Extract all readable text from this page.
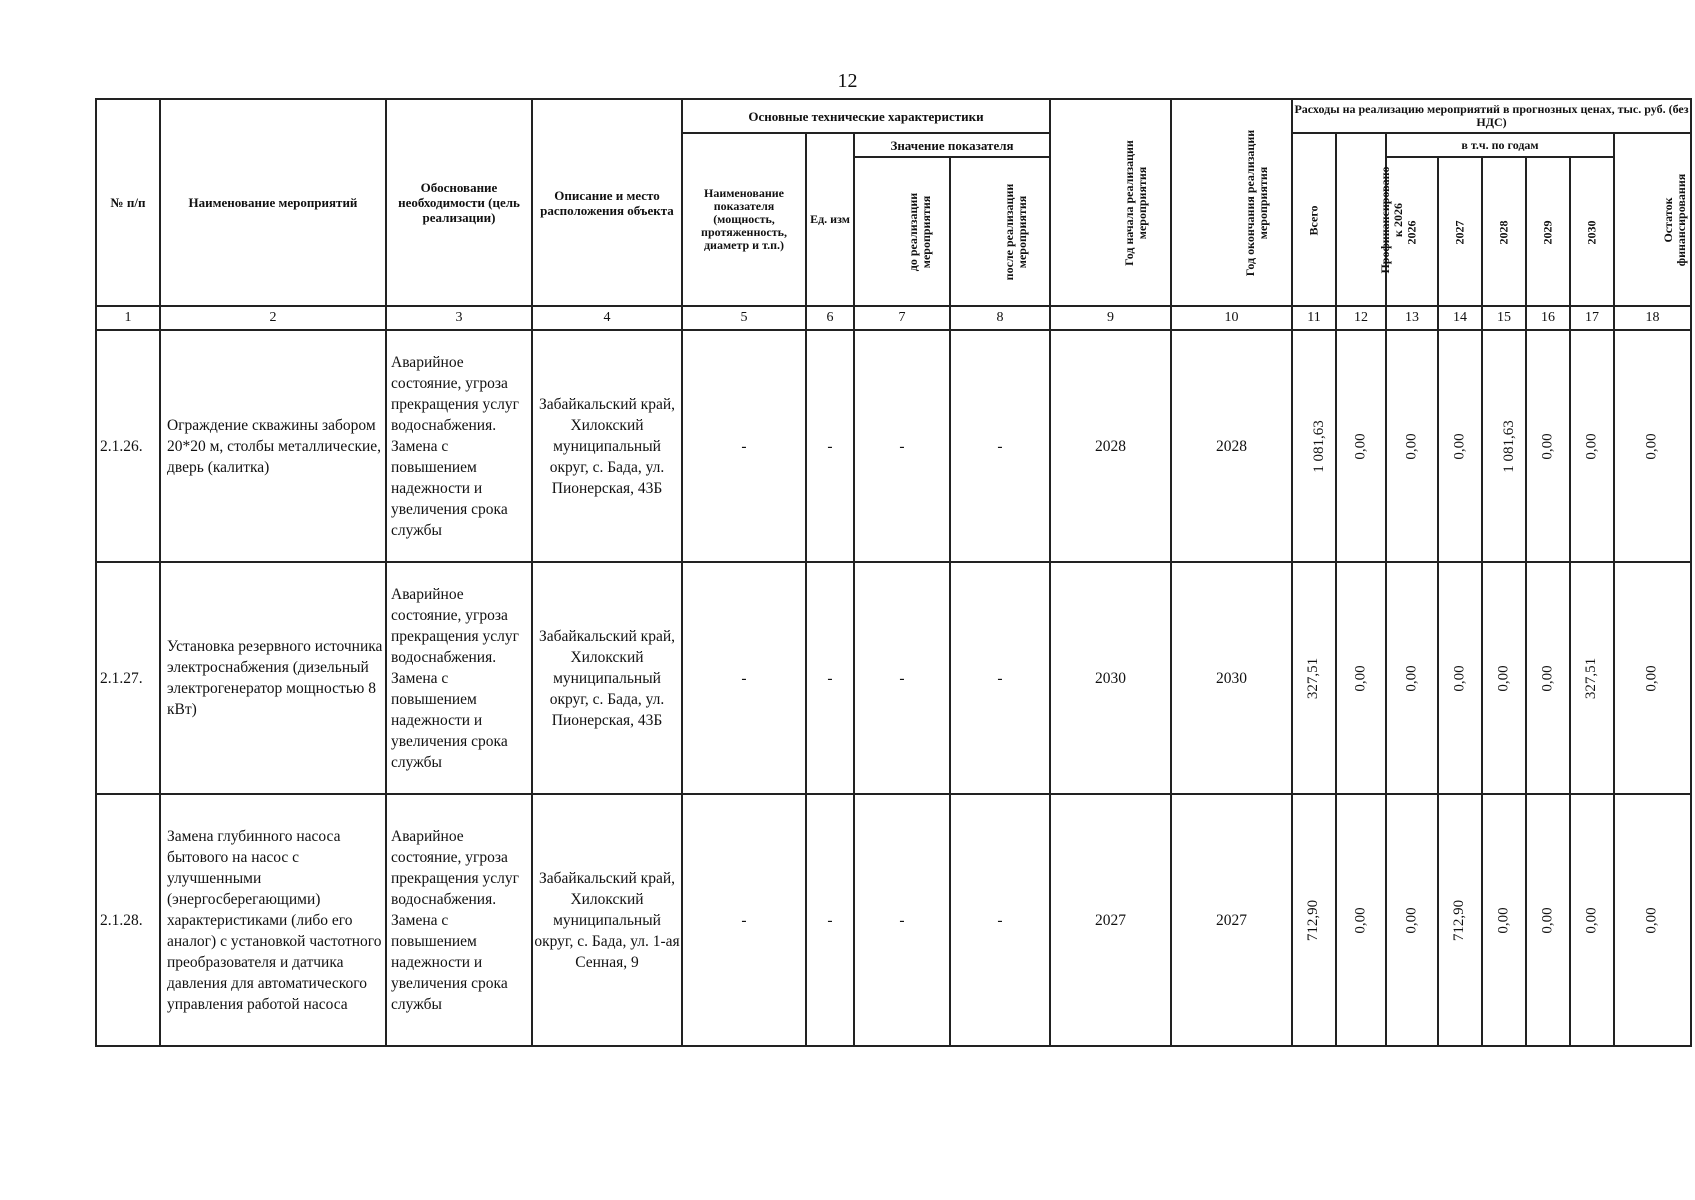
12
№ п/п	Наименование мероприятий	Обоснование необходимости (цель реализации)	Описание и место расположения объекта	Основные технические характеристики				Год начала реализации мероприятия	Год окончания реализации мероприятия	Расходы на реализацию мероприятий в прогнозных ценах, тыс. руб. (без НДС)							
				Наименование показателя (мощность, протяженность, диаметр и т.п.)	Ед. изм	Значение показателя				Всего	Профинансировано к 2026	в т.ч. по годам					Остаток финансирования
						до реализации мероприятия	после реализации мероприятия					2026	2027	2028	2029	2030	

1	2	3	4	5	6	7	8	9	10	11	12	13	14	15	16	17	18
2.1.26.	Ограждение скважины забором 20*20 м, столбы металлические, дверь (калитка)	Аварийное состояние, угроза прекращения услуг водоснабжения. Замена с повышением надежности и увеличения срока службы	Забайкальский край, Хилокский муниципальный округ, с. Бада, ул. Пионерская, 43Б	-	-	-	-	2028	2028	1 081,63	0,00	0,00	0,00	1 081,63	0,00	0,00	0,00
2.1.27.	Установка резервного источника электроснабжения (дизельный электрогенератор мощностью 8 кВт)	Аварийное состояние, угроза прекращения услуг водоснабжения. Замена с повышением надежности и увеличения срока службы	Забайкальский край, Хилокский муниципальный округ, с. Бада, ул. Пионерская, 43Б	-	-	-	-	2030	2030	327,51	0,00	0,00	0,00	0,00	0,00	327,51	0,00
2.1.28.	Замена глубинного насоса бытового на насос с улучшенными (энергосберегающими) характеристиками (либо его аналог) с установкой частотного преобразователя и датчика давления для автоматического управления работой насоса	Аварийное состояние, угроза прекращения услуг водоснабжения. Замена с повышением надежности и увеличения срока службы	Забайкальский край, Хилокский муниципальный округ, с. Бада, ул. 1-ая Сенная, 9	-	-	-	-	2027	2027	712,90	0,00	0,00	712,90	0,00	0,00	0,00	0,00
